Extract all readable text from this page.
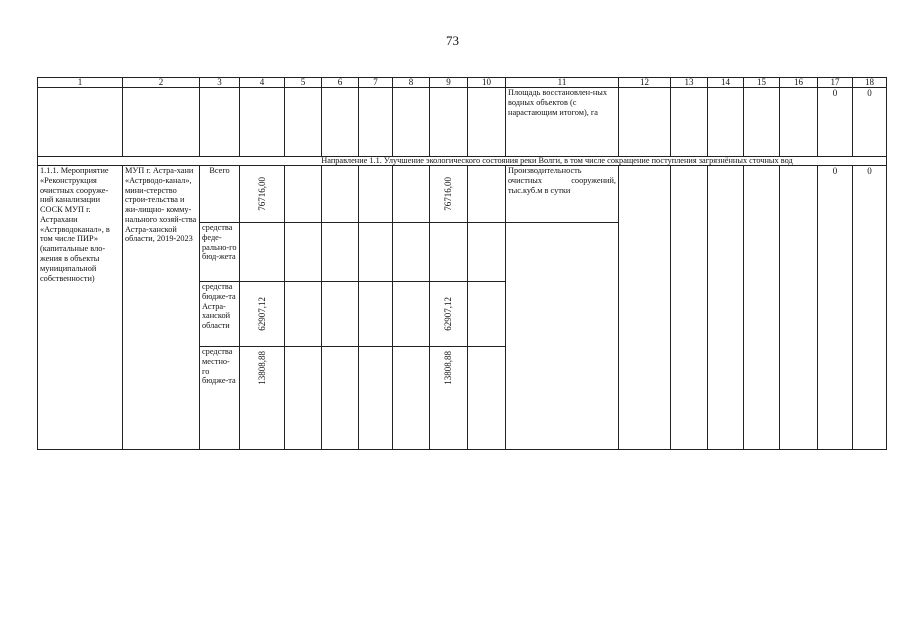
73
1	2	3	4	5	6	7	8	9	10	11	12	13	14	15	16	17	18
										Площадь восстановлен-ных водных объектов (с нарастающим итогом), га						0	0

Направление 1.1. Улучшение экологического состояния реки Волги, в том числе сокращение поступления загрязнённых сточных вод																	

1.1.1. Мероприятие «Реконструкция очистных сооруже-ний канализации СОСК МУП г. Астрахани «Астрводоканал», в том числе ПИР» (капитальные вло-жения в объекты муниципальной собственности)	МУП г. Астра-хани «Астрводо-канал», мини-стерство строи-тельства и жи-лищно- комму-нального хозяй-ства Астра-ханской области, 2019-2023	Всего	76716,00					76716,00		Производительность очистных сооружений, тыс.куб.м в сутки						0	0
		средства феде-рально-го бюд-жета								

		средства бюдже-та Астра-ханской области	62907,12					62907,12									

		средства местно-го бюдже-та	13808,88					13808,88									
